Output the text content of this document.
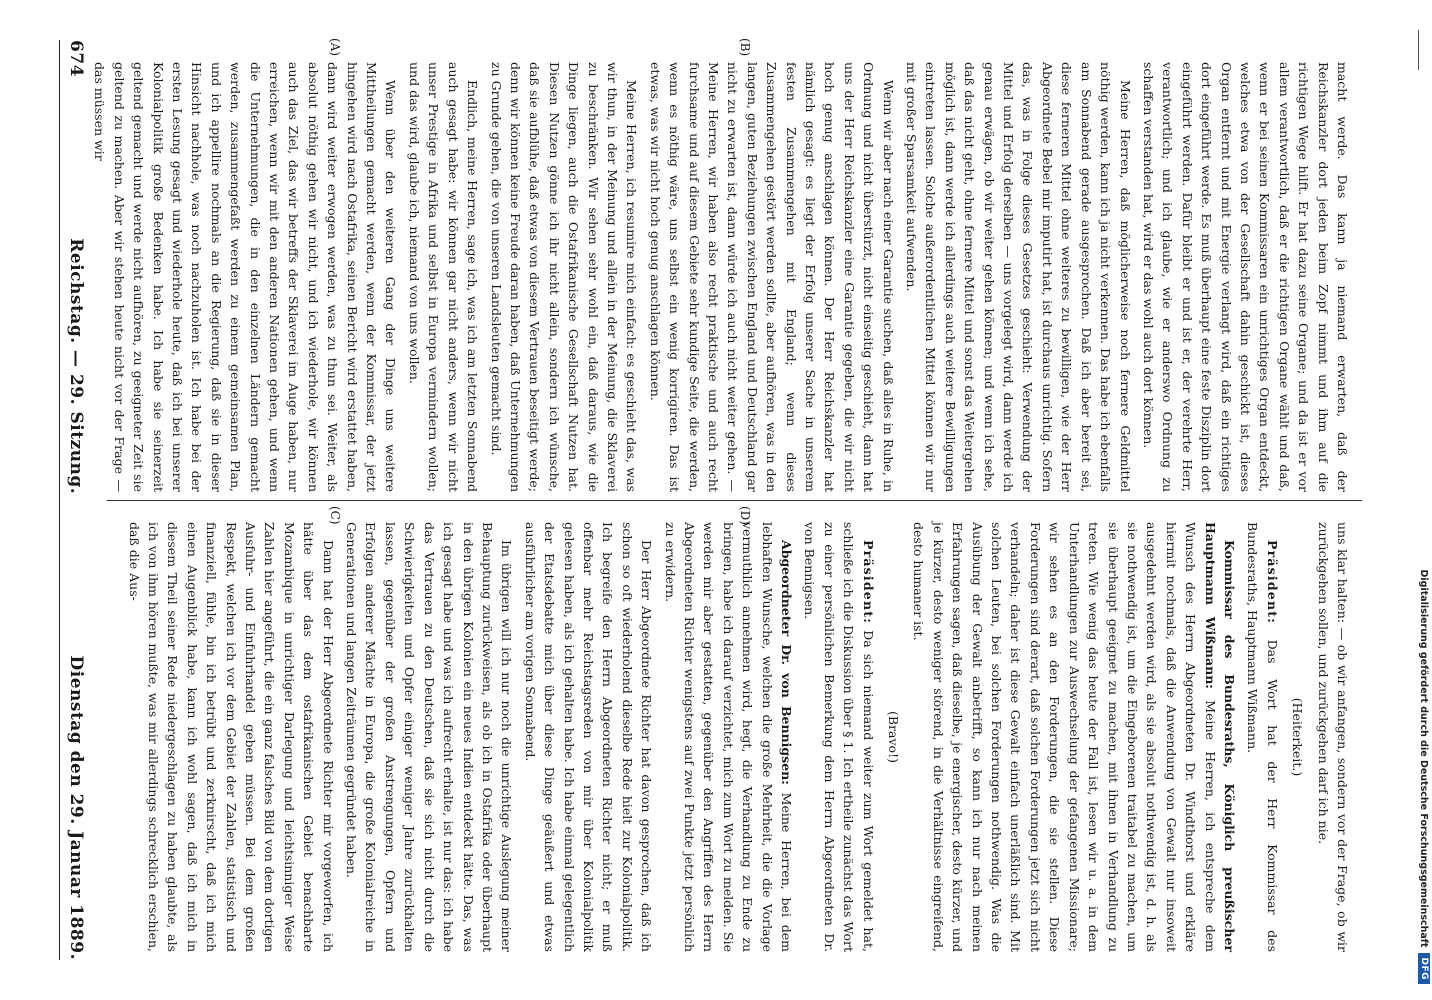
macht werde. Das kann ja niemand erwarten, daß der Reichskanzler dort jeden beim Zopf nimmt und ihm auf die richtigen Wege hilft. Er hat dazu seine Organe; und da ist er vor allem verantwortlich, daß er die richtigen Organe wählt und daß, wenn er bei seinen Kommissaren ein unrichtiges Organ entdeckt, welches etwa von der Gesellschaft dahin geschickt ist, dieses Organ entfernt und mit Energie verlangt wird, daß ein richtiges dort eingeführt werde. Es muß überhaupt eine feste Disziplin dort eingeführt werden. Dafür bleibt er und ist er, der verehrte Herr, verantwortlich; und ich glaube, wie er anderswo Ordnung zu schaffen verstanden hat, wird er das wohl auch dort können.

Meine Herren, daß möglicherweise noch fernere Geldmittel nöthig werden, kann ich ja nicht verkennen. Das habe ich ebenfalls am Sonnabend gerade ausgesprochen. Daß ich aber bereit sei, diese ferneren Mittel ohne weiteres zu bewilligen, wie der Herr Abgeordnete Bebel mir imputirt hat, ist durchaus unrichtig. Sofern das, was in Folge dieses Gesetzes geschieht: Verwendung der Mittel und Erfolg derselben — uns vorgelegt wird, dann werde ich genau erwägen, ob wir weiter gehen können; und wenn ich sehe, daß das nicht geht, ohne fernere Mittel und sonst das Weitergehen möglich ist, dann werde ich allerdings auch weitere Bewilligungen eintreten lassen. Solche außerordentlichen Mittel können wir nur mit großer Sparsamkeit aufwenden.

Wenn wir aber nach einer Garantie suchen, daß alles in Ruhe, in Ordnung und nicht überstürzt, nicht einseitig geschieht, dann hat uns der Herr Reichskanzler eine Garantie gegeben, die wir nicht hoch genug anschlagen können. Der Herr Reichskanzler hat nämlich gesagt: es liegt der Erfolg unserer Sache in unserem festen Zusammengehen mit England; wenn dieses Zusammengehen gestört werden sollte, aber aufhören, was in den langen, guten Beziehungen zwischen England und Deutschland gar nicht zu erwarten ist, dann würde ich auch nicht weiter gehen. — Meine Herren, wir haben also recht praktische und auch recht furchsame und auf diesem Gebiete sehr kundige Seite, die werden, wenn es nöthig wäre, uns selbst ein wenig korrigiren. Das ist etwas, was wir nicht hoch genug anschlagen können.

Meine Herren, ich resumire mich einfach: es geschieht das, was wir thun, in der Meinung und allein in der Meinung, die Sklaverei zu beschränken. Wir sehen sehr wohl ein, daß daraus, wie die Dinge liegen, auch die Ostafrikanische Gesellschaft Nutzen hat. Diesen Nutzen gönne ich ihr nicht allein, sondern ich wünsche, daß sie aufblühe, daß etwas von diesem Vertrauen beseitigt werde; denn wir können keine Freude daran haben, daß Unternehmungen zu Grunde gehen, die von unseren Landsleuten gemacht sind.

Endlich, meine Herren, sage ich, was ich am letzten Sonnabend auch gesagt habe: wir können gar nicht anders, wenn wir nicht unser Prestige in Afrika und selbst in Europa vermindern wollen; und das wird, glaube ich, niemand von uns wollen.

Wenn über den weiteren Gang der Dinge uns weitere Mittheilungen gemacht werden, wenn der Kommissar, der jetzt hingehen wird nach Ostafrika, seinen Bericht wird erstattet haben, dann wird weiter erwogen werden, was zu thun sei. Weiter, als absolut nöthig gehen wir nicht, und ich wiederhole, wir können auch das Ziel, das wir betreffs der Sklaverei im Auge haben, nur erreichen, wenn wir mit den anderen Nationen gehen, und wenn die Unternehmungen, die in den einzelnen Ländern gemacht werden, zusammengefaßt werden zu einem gemeinsamen Plan, und ich appellire nochmals an die Regierung, daß sie in dieser Hinsicht nachhole, was noch nachzuholen ist. Ich habe bei der ersten Lesung gesagt und wiederhole heute, daß ich bei unserer Kolonialpolitik große Bedenken habe. Ich habe sie seinerzeit geltend gemacht und werde nicht aufhören, zu geeigneter Zeit sie geltend zu machen. Aber wir stehen heute nicht vor der Frage — das müssen wir

uns klar halten: — ob wir anfangen, sondern vor der Frage, ob wir zurückgehen sollen, und zurückgehen darf ich nie.

(Heiterkeit.)

Präsident: Das Wort hat der Herr Kommissar des Bundesraths, Hauptmann Wißmann.

Kommissar des Bundesraths, Königlich preußischer Hauptmann Wißmann: Meine Herren, ich entspreche dem Wunsch des Herrn Abgeordneten Dr. Windthorst und erkläre hiermit nochmals, daß die Anwendung von Gewalt nur insoweit ausgedehnt werden wird, als sie absolut nothwendig ist, d. h. als sie nothwendig ist, um die Eingeborenen traitabel zu machen, um sie überhaupt geeignet zu machen, mit ihnen in Verhandlung zu treten. Wie wenig das heute der Fall ist, lesen wir u. a. in dem Unterhandlungen zur Auswechselung der gefangenen Missionare; wir sehen es an den Forderungen, die sie stellen. Diese Forderungen sind derart, daß solchen Forderungen jetzt sich nicht verhandeln; daher ist diese Gewalt einfach unerläßlich sind. Mit solchen Leuten, bei solchen Forderungen nothwendig. Was die Ausübung der Gewalt anbetrifft, so kann ich nur nach meinen Erfahrungen sagen, daß dieselbe, je energischer, desto kürzer, und je kürzer, desto weniger störend, in die Verhältnisse eingreifend, desto humaner ist.

(Bravo!)

Präsident: Da sich niemand weiter zum Wort gemeldet hat, schließe ich die Diskussion über § 1. Ich ertheile zunächst das Wort zu einer persönlichen Bemerkung dem Herrn Abgeordneten Dr. von Bennigsen.

Abgeordneter Dr. von Bennigsen: Meine Herren, bei dem lebhaften Wunsche, welchen die große Mehrheit, die die Vorlage vermuthlich annehmen wird, hegt, die Verhandlung zu Ende zu bringen, habe ich darauf verzichtet, mich zum Wort zu melden. Sie werden mir aber gestatten, gegenüber den Angriffen des Herrn Abgeordneten Richter wenigstens auf zwei Punkte jetzt persönlich zu erwidern.

Der Herr Abgeordnete Richter hat davon gesprochen, daß ich schon so oft wiederholend dieselbe Rede hielt zur Kolonialpolitik. Ich begreife den Herrn Abgeordneten Richter nicht; er muß offenbar mehr Reichstagsreden von mir über Kolonialpolitik gelesen haben, als ich gehalten habe. Ich habe einmal gelegentlich der Etatsdebatte mich über diese Dinge geäußert und etwas ausführlicher am vorigen Sonnabend.

Im übrigen will ich nur noch die unrichtige Auslegung meiner Behauptung zurückweisen, als ob ich in Ostafrika oder überhaupt in den übrigen Kolonien ein neues Indien entdeckt hätte. Das, was ich gesagt habe und was ich aufrecht erhalte, ist nur das: ich habe das Vertrauen zu den Deutschen, daß sie sich nicht durch die Schwierigkeiten und Opfer einiger weniger Jahre zurückhalten lassen, gegenüber der großen Anstrengungen, Opfern und Erfolgen anderer Mächte in Europa, die große Kolonialreiche in Generationen und langen Zeiträumen gegründet haben.

Dann hat der Herr Abgeordnete Richter mir vorgeworfen, ich hätte über das dem ostafrikanischen Gebiet benachbarte Mozambique in unrichtiger Darlegung und leichtsinniger Weise Zahlen hier angeführt, die ein ganz falsches Bild von dem dortigen Ausfuhr- und Einfuhrhandel geben müssen. Bei dem großen Respekt, welchen ich vor dem Gebiet der Zahlen, statistisch und finanziell, fühle, bin ich betrübt und zerknirscht, daß ich mich einen Augenblick habe, kann ich wohl sagen, daß ich mich in diesem Theil seiner Rede niedergeschlagen zu haben glaubte, als ich von ihm hören mußte, was mir allerdings schrecklich erschien, daß die Aus-

(A)	(B)
(C)	(D)
674
Reichstag. — 29. Sitzung.
Dienstag den 29. Januar 1889.	Digitalisierung gefördert durch die Deutsche Forschungsgemeinschaft
DFG
